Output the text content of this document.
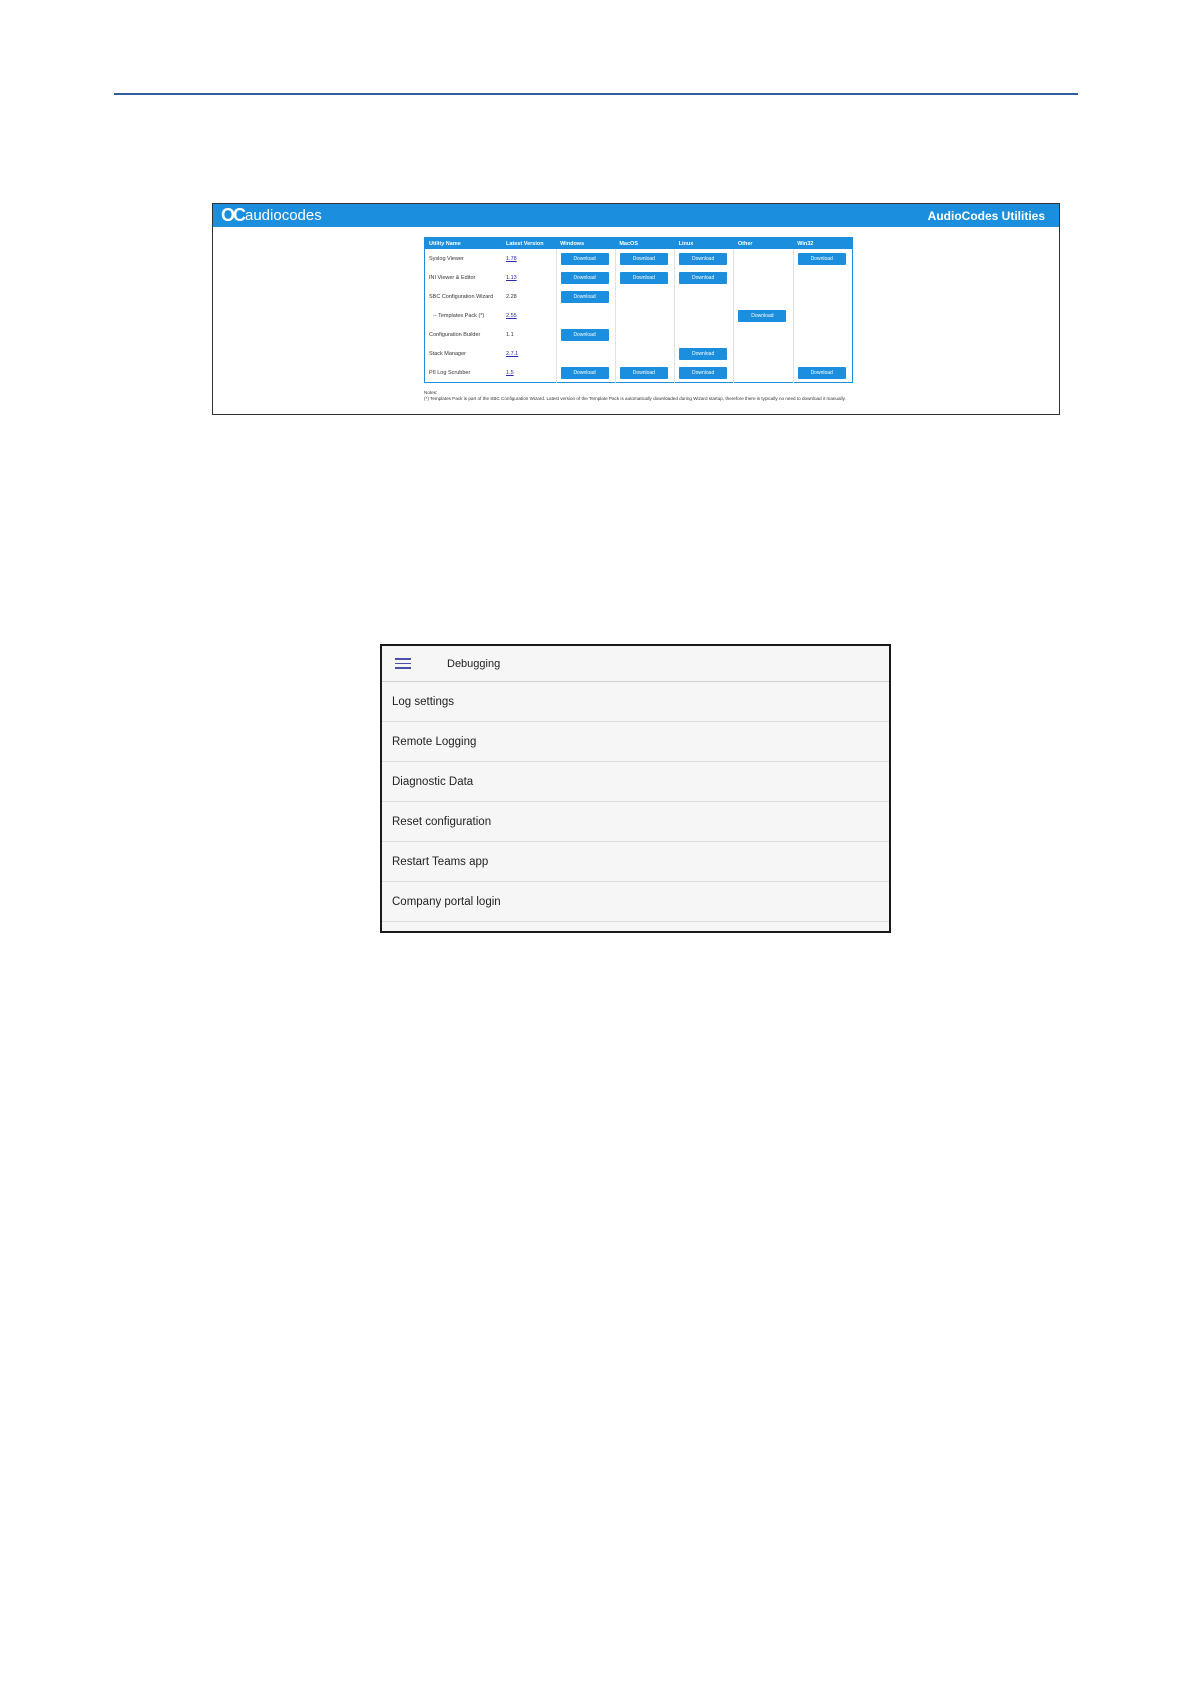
OC audiocodes	AudioCodes Utilities
Utility Name	Latest Version	Windows	MacOS	Linux	Other	Win32
Syslog Viewer	1.78	Download	Download	Download		Download
INI Viewer & Editor	1.13	Download	Download	Download		
SBC Configuration Wizard	2.28	Download				
-- Templates Pack (*)	2.55				Download	
Configuration Builder	1.1	Download				
Stack Manager	2.7.1			Download		
PII Log Scrubber	1.5	Download	Download	Download		Download
Notes:
(*) Templates Pack is part of the SBC Configuration Wizard. Latest version of the Template Pack is automatically downloaded during Wizard startup, therefore there is typically no need to download it manually.
Debugging
Log settings
Remote Logging
Diagnostic Data
Reset configuration
Restart Teams app
Company portal login
